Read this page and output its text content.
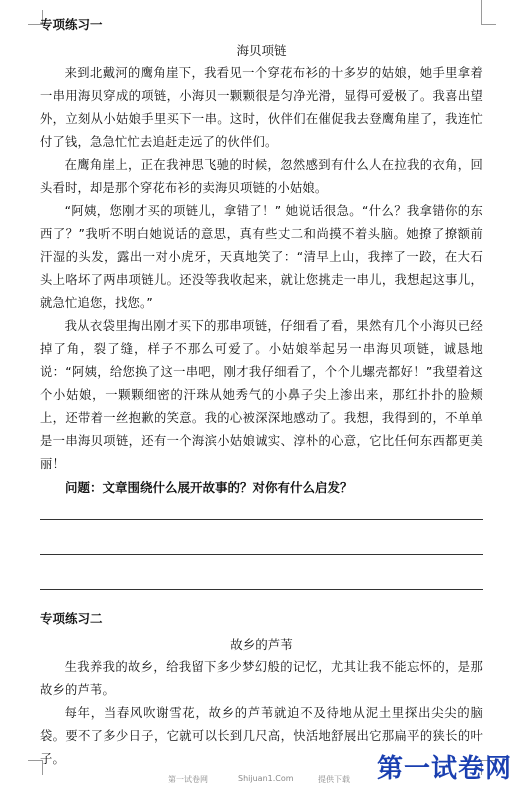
专项练习一

海贝项链

来到北戴河的鹰角崖下，我看见一个穿花布衫的十多岁的姑娘，她手里拿着一串用海贝穿成的项链，小海贝一颗颗很是匀净光滑，显得可爱极了。我喜出望外，立刻从小姑娘手里买下一串。这时，伙伴们在催促我去登鹰角崖了，我连忙付了钱，急急忙忙去追赶走远了的伙伴们。

在鹰角崖上，正在我神思飞驰的时候，忽然感到有什么人在拉我的衣角，回头看时，却是那个穿花布衫的卖海贝项链的小姑娘。

“阿姨，您刚才买的项链儿，拿错了！” 她说话很急。“什么？我拿错你的东西了？”我听不明白她说话的意思，真有些丈二和尚摸不着头脑。她撩了撩额前汗湿的头发，露出一对小虎牙，天真地笑了：“清早上山，我摔了一跤，在大石头上咯坏了两串项链儿。还没等我收起来，就让您挑走一串儿，我想起这事儿，就急忙追您，找您。”

我从衣袋里掏出刚才买下的那串项链，仔细看了看，果然有几个小海贝已经掉了角，裂了缝，样子不那么可爱了。小姑娘举起另一串海贝项链，诚恳地说：“阿姨，给您换了这一串吧，刚才我仔细看了，个个儿螺壳都好！”我望着这个小姑娘，一颗颗细密的汗珠从她秀气的小鼻子尖上渗出来，那红扑扑的脸颊上，还带着一丝抱歉的笑意。我的心被深深地感动了。我想，我得到的，不单单是一串海贝项链，还有一个海滨小姑娘诚实、淳朴的心意，它比任何东西都更美丽！

问题：文章围绕什么展开故事的？对你有什么启发？

专项练习二

故乡的芦苇

生我养我的故乡，给我留下多少梦幻般的记忆，尤其让我不能忘怀的，是那故乡的芦苇。

每年，当春风吹谢雪花，故乡的芦苇就迫不及待地从泥土里探出尖尖的脑袋。要不了多少日子，它就可以长到几尺高，快活地舒展出它那扁平的狭长的叶子。

第一试卷网	Shijuan1.Com	提供下载 第一试卷网
